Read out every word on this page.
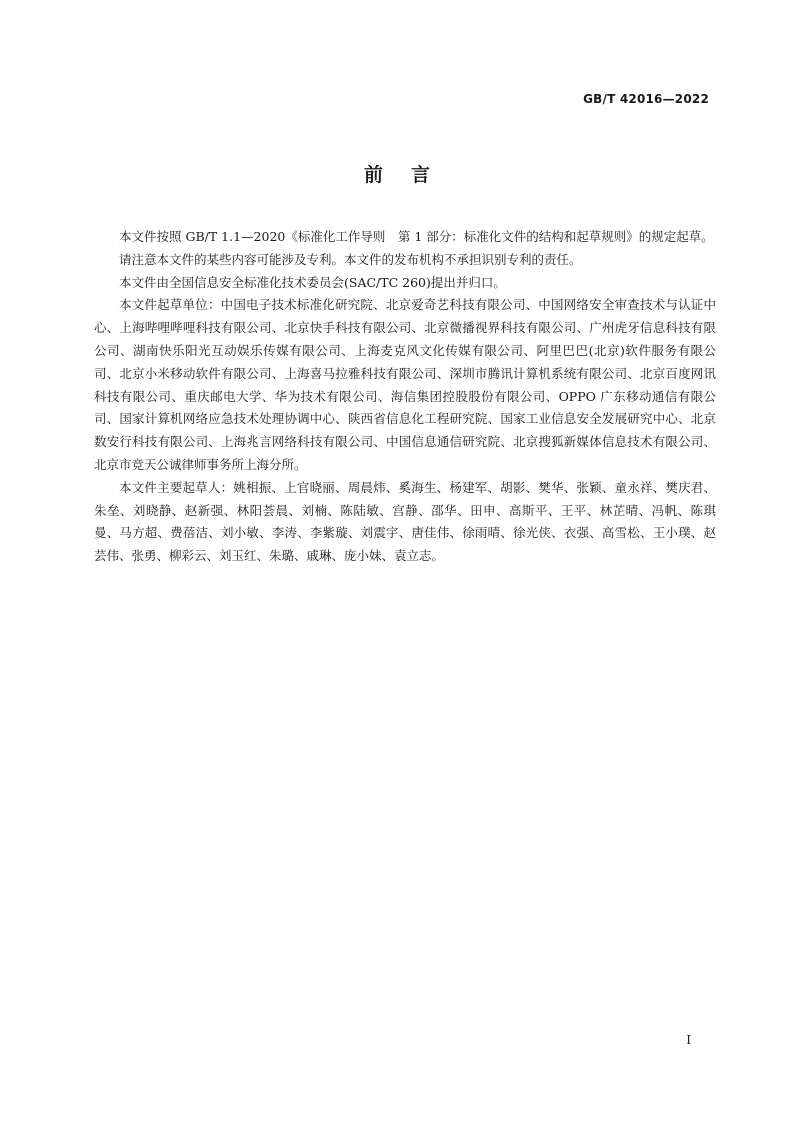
GB/T 42016—2022
前言

本文件按照 GB/T 1.1—2020《标准化工作导则　第 1 部分：标准化文件的结构和起草规则》的规定起草。

请注意本文件的某些内容可能涉及专利。本文件的发布机构不承担识别专利的责任。

本文件由全国信息安全标准化技术委员会(SAC/TC 260)提出并归口。

本文件起草单位：中国电子技术标准化研究院、北京爱奇艺科技有限公司、中国网络安全审查技术与认证中心、上海哔哩哔哩科技有限公司、北京快手科技有限公司、北京微播视界科技有限公司、广州虎牙信息科技有限公司、湖南快乐阳光互动娱乐传媒有限公司、上海麦克风文化传媒有限公司、阿里巴巴(北京)软件服务有限公司、北京小米移动软件有限公司、上海喜马拉雅科技有限公司、深圳市腾讯计算机系统有限公司、北京百度网讯科技有限公司、重庆邮电大学、华为技术有限公司、海信集团控股股份有限公司、OPPO 广东移动通信有限公司、国家计算机网络应急技术处理协调中心、陕西省信息化工程研究院、国家工业信息安全发展研究中心、北京数安行科技有限公司、上海兆言网络科技有限公司、中国信息通信研究院、北京搜狐新媒体信息技术有限公司、北京市竞天公诚律师事务所上海分所。

本文件主要起草人：姚相振、上官晓丽、周晨炜、奚海生、杨建军、胡影、樊华、张颖、童永祥、樊庆君、朱垒、刘晓静、赵新强、林阳荟晨、刘楠、陈陆敏、宫静、邵华、田申、高斯平、王平、林芷晴、冯帆、陈琪曼、马方超、费蓓洁、刘小敏、李涛、李紫璇、刘震宇、唐佳伟、徐雨晴、徐光侠、衣强、高雪松、王小璞、赵芸伟、张勇、柳彩云、刘玉红、朱璐、戚琳、庞小妹、袁立志。

I
